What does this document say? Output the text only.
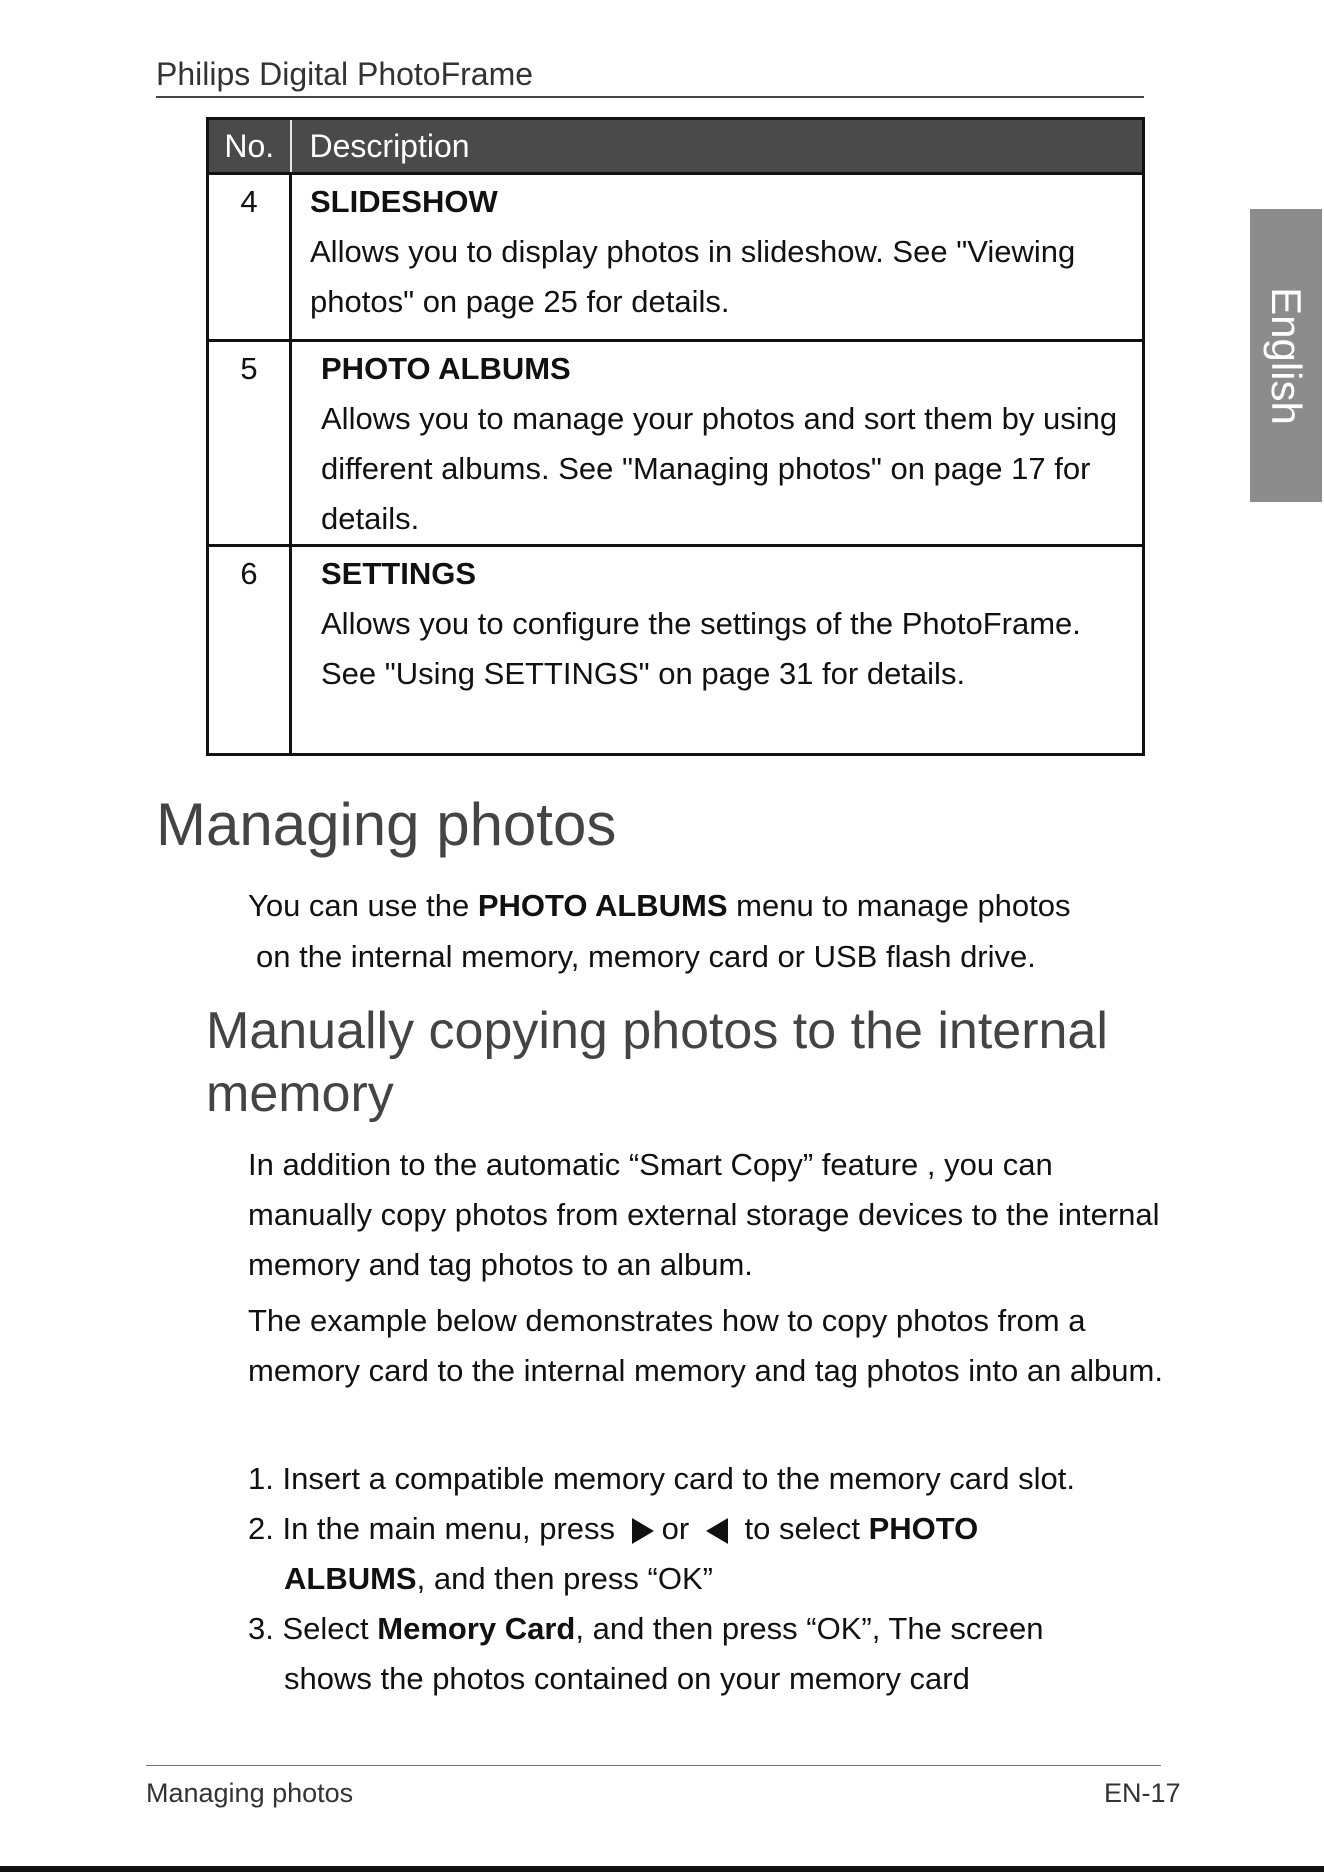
Philips Digital PhotoFrame
English
No.	Description
4	SLIDESHOW
Allows you to display photos in slideshow. See "Viewing photos" on page 25 for details.

5	PHOTO ALBUMS
Allows you to manage your photos and sort them by using different albums. See "Managing photos" on page 17 for details.

6	SETTINGS
Allows you to configure the settings of the PhotoFrame. See "Using SETTINGS" on page 31 for details.
Managing photos
You can use the PHOTO ALBUMS menu to manage photos
on the internal memory, memory card or USB flash drive.
Manually copying photos to the internal memory

In addition to the automatic “Smart Copy” feature , you can manually copy photos from external storage devices to the internal memory and tag photos to an album.

The example below demonstrates how to copy photos from a memory card to the internal memory and tag photos into an album.

1. Insert a compatible memory card to the memory card slot.
2. In the main menu, press or to select PHOTO
ALBUMS, and then press “OK”
3. Select Memory Card, and then press “OK”, The screen
shows the photos contained on your memory card
Managing photos	EN-17
